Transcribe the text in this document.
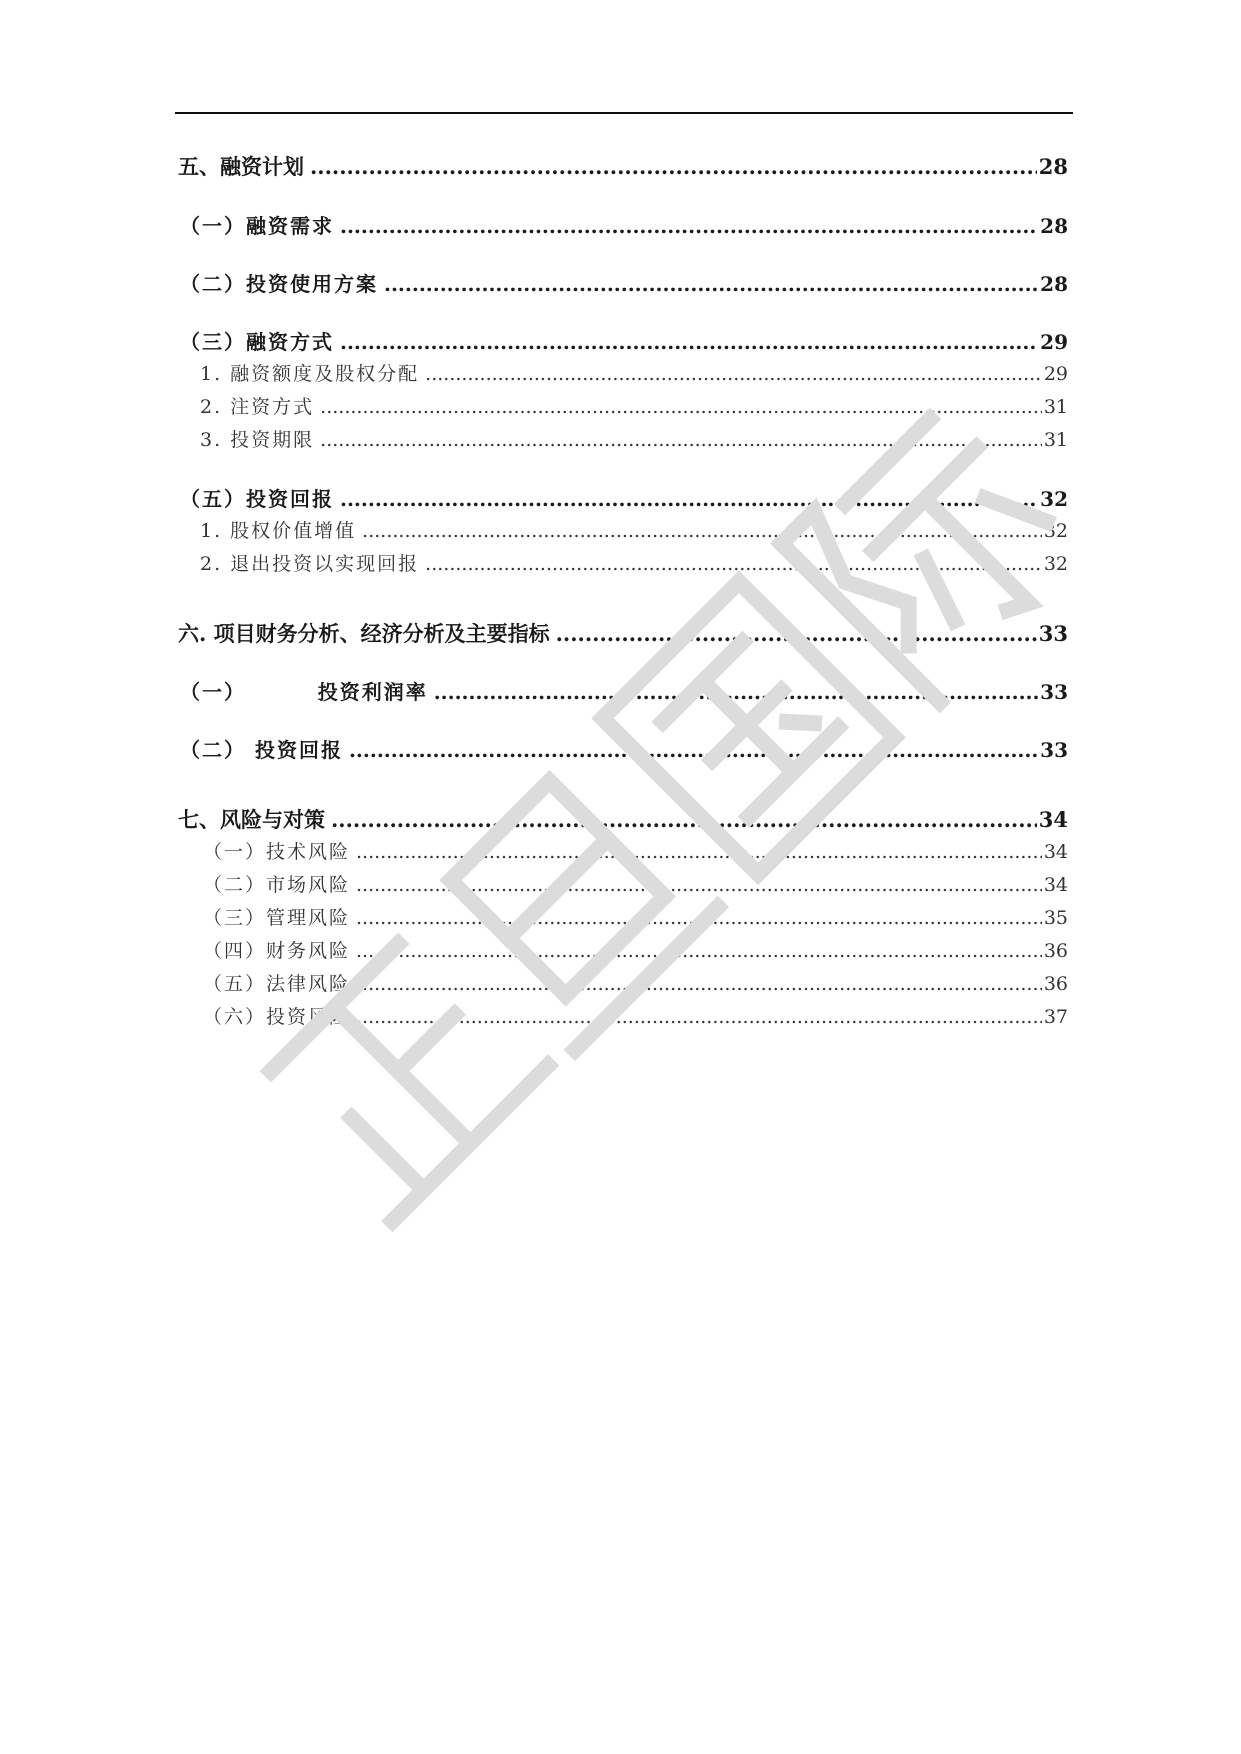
五、融资计划 .....	28
（一）融资需求 .....	28
（二）投资使用方案 .....	28
（三）融资方式 .....	29
1. 融资额度及股权分配 .....	29
2. 注资方式 .....	31
3. 投资期限 .....	31
（五）投资回报 .....	32
1. 股权价值增值 .....	32
2. 退出投资以实现回报 .....	32
六. 项目财务分析、经济分析及主要指标 .....	33
（一）        投资利润率 .....	33
（二） 投资回报 .....	33
七、风险与对策 .....	34
（一）技术风险 .....	34
（二）市场风险 .....	34
（三）管理风险 .....	35
（四）财务风险 .....	36
（五）法律风险 .....	36
（六）投资风险 .....	37
